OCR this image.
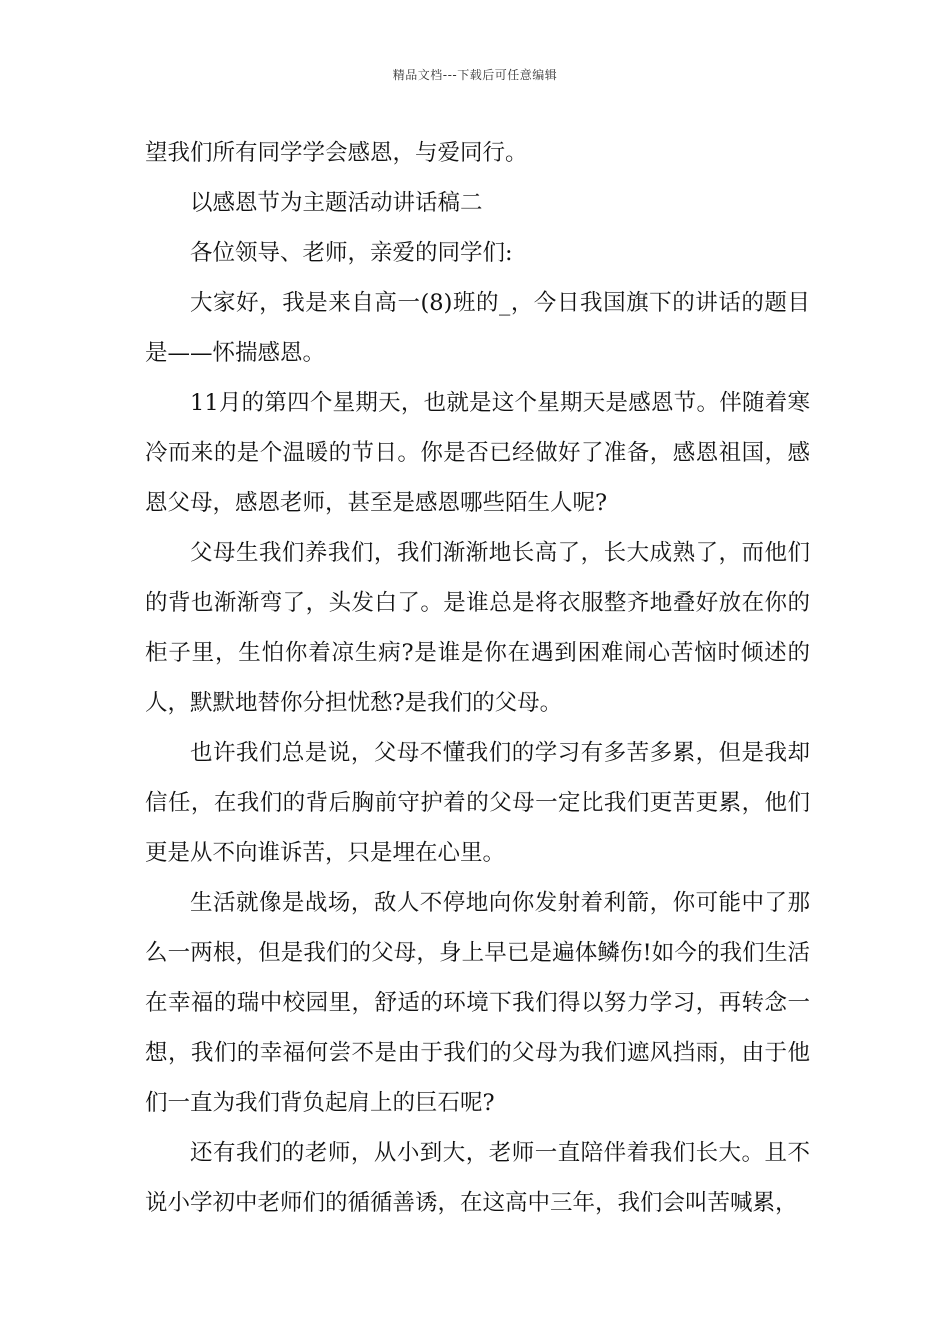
精品文档---下载后可任意编辑

望我们所有同学学会感恩，与爱同行。

以感恩节为主题活动讲话稿二

各位领导、老师，亲爱的同学们:

大家好，我是来自高一(8)班的_，今日我国旗下的讲话的题目是——怀揣感恩。

11月的第四个星期天，也就是这个星期天是感恩节。伴随着寒冷而来的是个温暖的节日。你是否已经做好了准备，感恩祖国，感恩父母，感恩老师，甚至是感恩哪些陌生人呢?

父母生我们养我们，我们渐渐地长高了，长大成熟了，而他们的背也渐渐弯了，头发白了。是谁总是将衣服整齐地叠好放在你的柜子里，生怕你着凉生病?是谁是你在遇到困难闹心苦恼时倾述的人，默默地替你分担忧愁?是我们的父母。

也许我们总是说，父母不懂我们的学习有多苦多累，但是我却信任，在我们的背后胸前守护着的父母一定比我们更苦更累，他们更是从不向谁诉苦，只是埋在心里。

生活就像是战场，敌人不停地向你发射着利箭，你可能中了那么一两根，但是我们的父母，身上早已是遍体鳞伤!如今的我们生活在幸福的瑞中校园里，舒适的环境下我们得以努力学习，再转念一想，我们的幸福何尝不是由于我们的父母为我们遮风挡雨，由于他们一直为我们背负起肩上的巨石呢?

还有我们的老师，从小到大，老师一直陪伴着我们长大。且不说小学初中老师们的循循善诱，在这高中三年，我们会叫苦喊累，
